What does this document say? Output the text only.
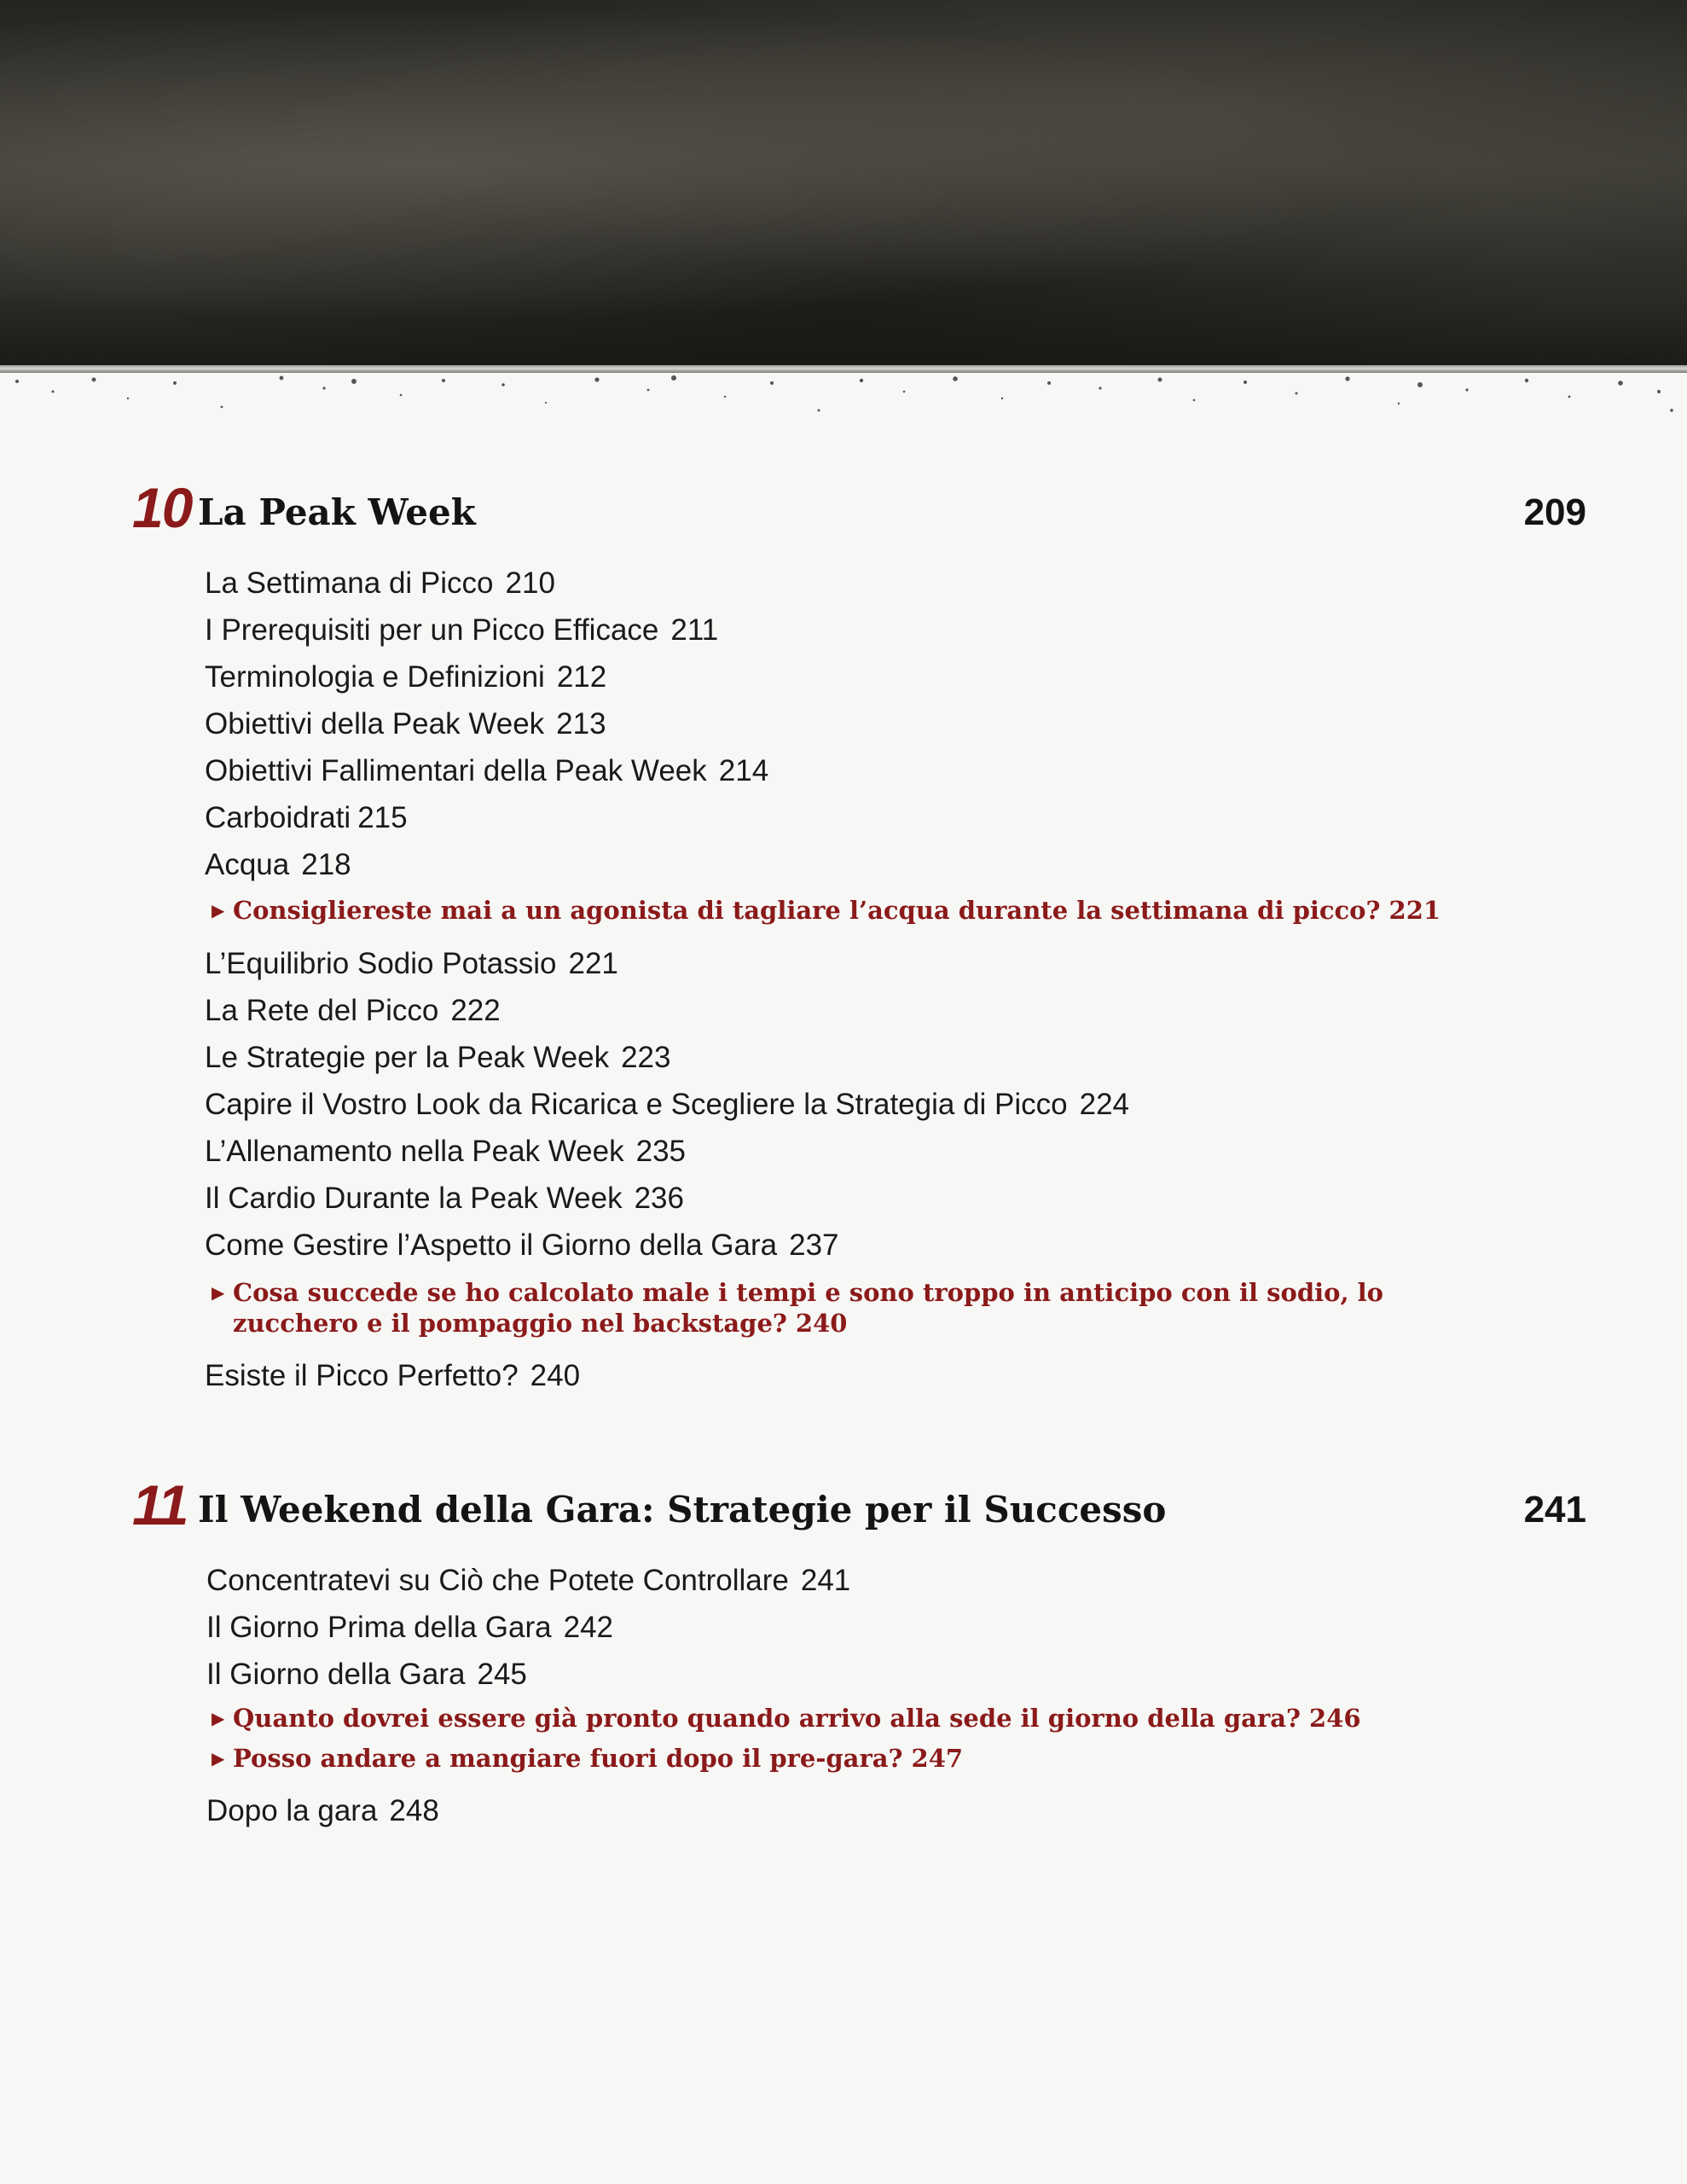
10 La Peak Week	209
La Settimana di Picco 210
I Prerequisiti per un Picco Efficace 211
Terminologia e Definizioni 212
Obiettivi della Peak Week 213
Obiettivi Fallimentari della Peak Week 214
Carboidrati 215
Acqua 218
▶ Consigliereste mai a un agonista di tagliare l’acqua durante la settimana di picco? 221
L’Equilibrio Sodio Potassio 221
La Rete del Picco 222
Le Strategie per la Peak Week 223
Capire il Vostro Look da Ricarica e Scegliere la Strategia di Picco 224
L’Allenamento nella Peak Week 235
Il Cardio Durante la Peak Week 236
Come Gestire l’Aspetto il Giorno della Gara 237
▶ Cosa succede se ho calcolato male i tempi e sono troppo in anticipo con il sodio, lo zucchero e il pompaggio nel backstage? 240
Esiste il Picco Perfetto? 240
11 Il Weekend della Gara: Strategie per il Successo	241
Concentratevi su Ciò che Potete Controllare 241
Il Giorno Prima della Gara 242
Il Giorno della Gara 245
▶ Quanto dovrei essere già pronto quando arrivo alla sede il giorno della gara? 246
▶ Posso andare a mangiare fuori dopo il pre-gara? 247
Dopo la gara 248
